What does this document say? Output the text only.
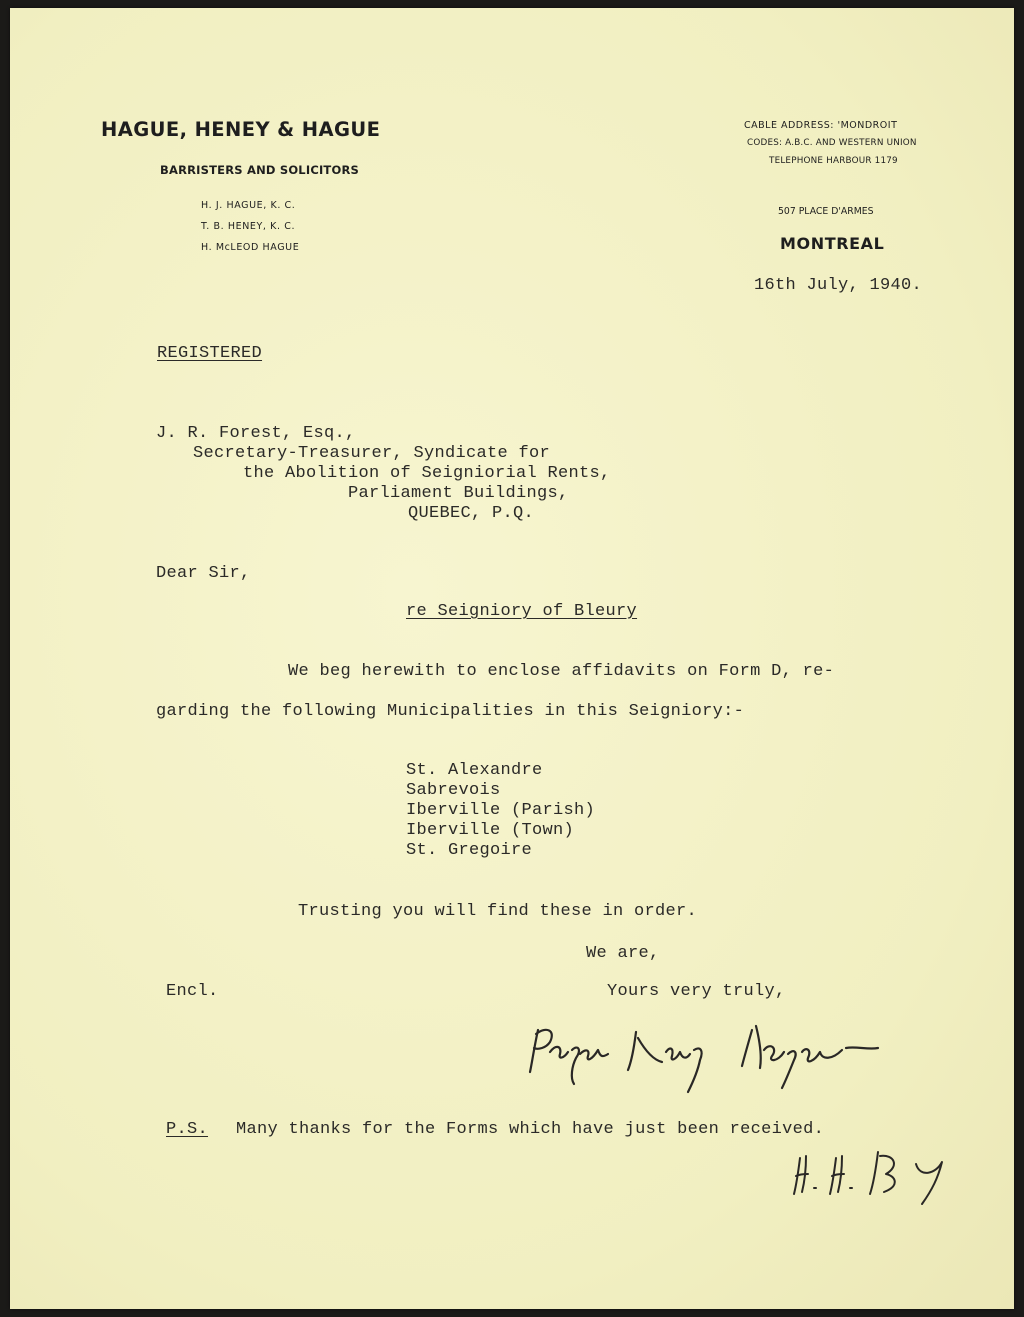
HAGUE, HENEY & HAGUE
BARRISTERS AND SOLICITORS
H. J. HAGUE, K. C.
T. B. HENEY, K. C.
H. McLEOD HAGUE
CABLE ADDRESS: 'MONDROIT
CODES: A.B.C. AND WESTERN UNION
TELEPHONE HARBOUR 1179
507 PLACE D'ARMES
MONTREAL
16th July, 1940.
REGISTERED
J. R. Forest, Esq.,
Secretary-Treasurer, Syndicate for
the Abolition of Seigniorial Rents,
Parliament Buildings,
QUEBEC, P.Q.
Dear Sir,
re Seigniory of Bleury
We beg herewith to enclose affidavits on Form D, re-
garding the following Municipalities in this Seigniory:-
St. Alexandre
Sabrevois
Iberville (Parish)
Iberville (Town)
St. Gregoire
Trusting you will find these in order.
We are,
Encl.	Yours very truly,
P.S. Many thanks for the Forms which have just been received.
